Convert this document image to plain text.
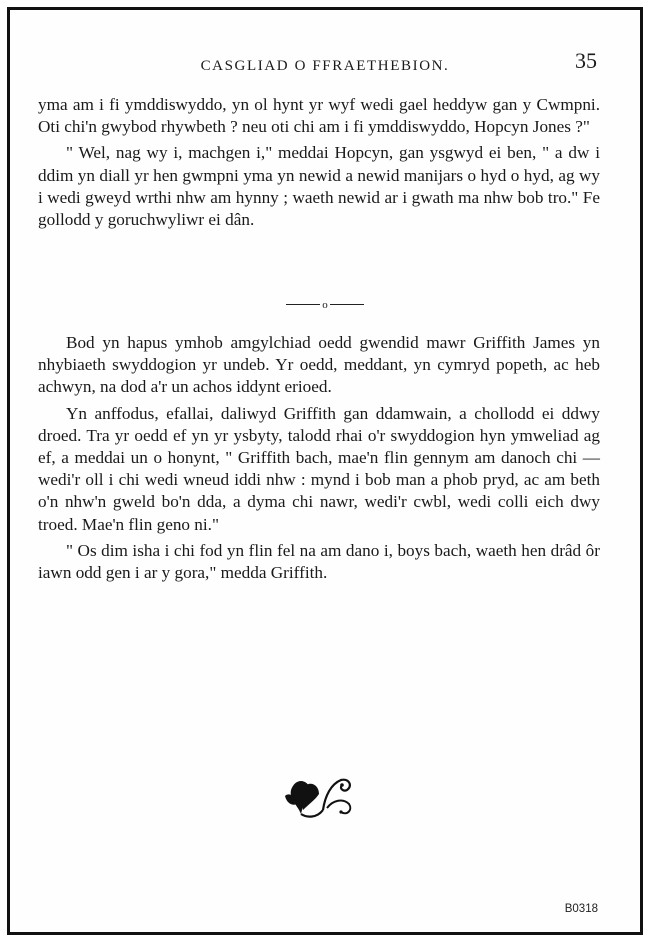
CASGLIAD O FFRAETHEBION.	35

yma am i fi ymddiswyddo, yn ol hynt yr wyf wedi gael heddyw gan y Cwmpni. Oti chi'n gwybod rhywbeth ? neu oti chi am i fi ymddiswyddo, Hopcyn Jones ?"

" Wel, nag wy i, machgen i," meddai Hopcyn, gan ysgwyd ei ben, " a dw i ddim yn diall yr hen gwmpni yma yn newid a newid manijars o hyd o hyd, ag wy i wedi gweyd wrthi nhw am hynny ; waeth newid ar i gwath ma nhw bob tro." Fe gollodd y goruchwyliwr ei dân.

o

Bod yn hapus ymhob amgylchiad oedd gwendid mawr Griffith James yn nhybiaeth swyddogion yr undeb. Yr oedd, meddant, yn cymryd popeth, ac heb achwyn, na dod a'r un achos iddynt erioed.

Yn anffodus, efallai, daliwyd Griffith gan ddamwain, a chollodd ei ddwy droed. Tra yr oedd ef yn yr ysbyty, talodd rhai o'r swyddogion hyn ymweliad ag ef, a meddai un o honynt, " Griffith bach, mae'n flin gennym am danoch chi — wedi'r oll i chi wedi wneud iddi nhw : mynd i bob man a phob pryd, ac am beth o'n nhw'n gweld bo'n dda, a dyma chi nawr, wedi'r cwbl, wedi colli eich dwy troed. Mae'n flin geno ni."

" Os dim isha i chi fod yn flin fel na am dano i, boys bach, waeth hen drâd ôr iawn odd gen i ar y gora," medda Griffith.

B0318
